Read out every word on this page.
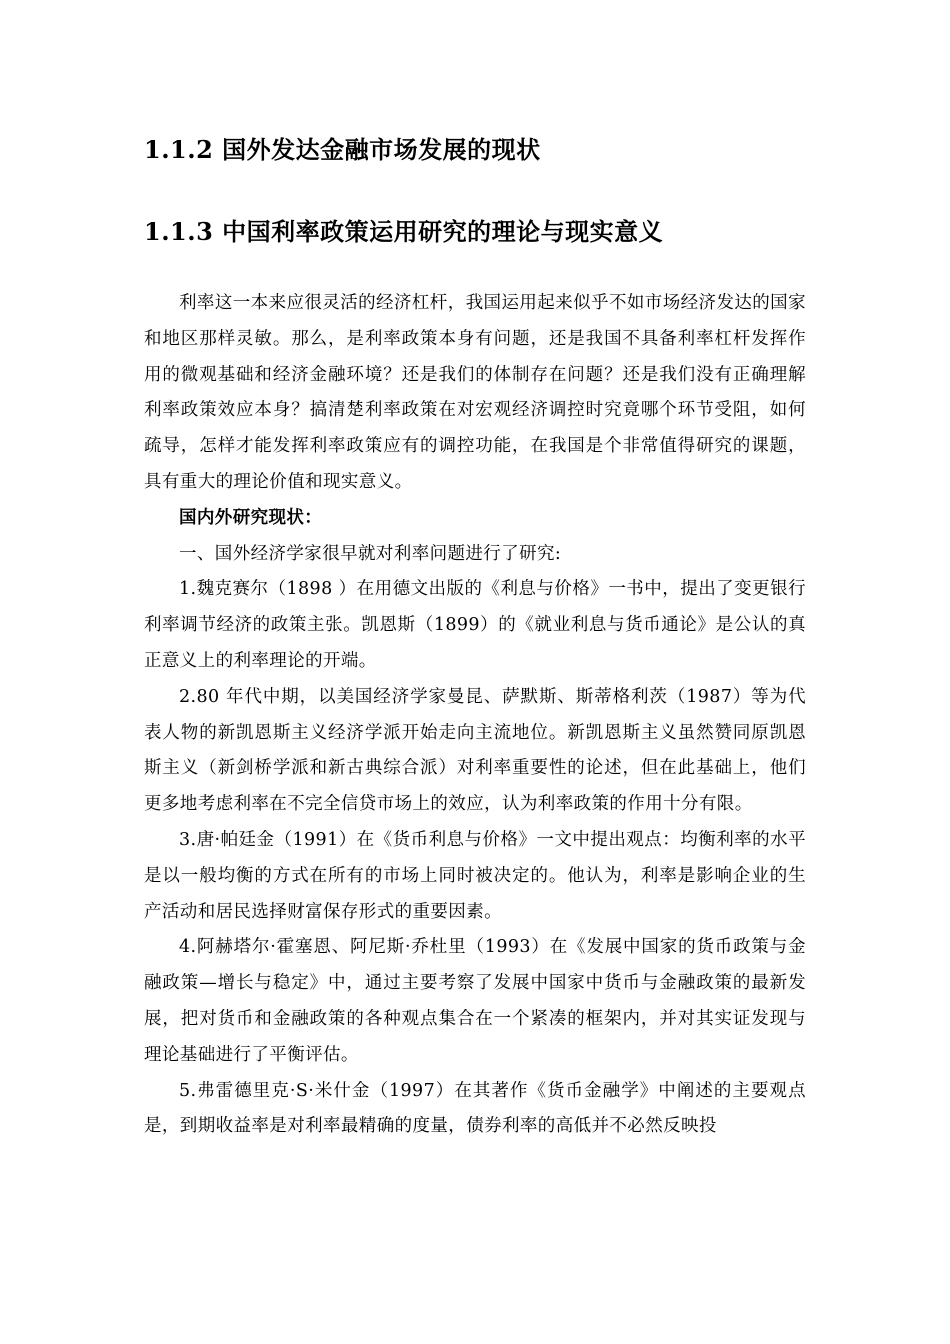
1.1.2 国外发达金融市场发展的现状
1.1.3 中国利率政策运用研究的理论与现实意义

利率这一本来应很灵活的经济杠杆，我国运用起来似乎不如市场经济发达的国家和地区那样灵敏。那么，是利率政策本身有问题，还是我国不具备利率杠杆发挥作用的微观基础和经济金融环境？还是我们的体制存在问题？还是我们没有正确理解利率政策效应本身？搞清楚利率政策在对宏观经济调控时究竟哪个环节受阻，如何疏导，怎样才能发挥利率政策应有的调控功能，在我国是个非常值得研究的课题，具有重大的理论价值和现实意义。

国内外研究现状：

一、国外经济学家很早就对利率问题进行了研究:

1.魏克赛尔（1898 ）在用德文出版的《利息与价格》一书中，提出了变更银行利率调节经济的政策主张。凯恩斯（1899）的《就业利息与货币通论》是公认的真正意义上的利率理论的开端。

2.80 年代中期，以美国经济学家曼昆、萨默斯、斯蒂格利茨（1987）等为代表人物的新凯恩斯主义经济学派开始走向主流地位。新凯恩斯主义虽然赞同原凯恩斯主义（新剑桥学派和新古典综合派）对利率重要性的论述，但在此基础上，他们更多地考虑利率在不完全信贷市场上的效应，认为利率政策的作用十分有限。

3.唐·帕廷金（1991）在《货币利息与价格》一文中提出观点：均衡利率的水平是以一般均衡的方式在所有的市场上同时被决定的。他认为，利率是影响企业的生产活动和居民选择财富保存形式的重要因素。

4.阿赫塔尔·霍塞恩、阿尼斯·乔杜里（1993）在《发展中国家的货币政策与金融政策—增长与稳定》中，通过主要考察了发展中国家中货币与金融政策的最新发展，把对货币和金融政策的各种观点集合在一个紧凑的框架内，并对其实证发现与理论基础进行了平衡评估。

5.弗雷德里克·S·米什金（1997）在其著作《货币金融学》中阐述的主要观点是，到期收益率是对利率最精确的度量，债券利率的高低并不必然反映投
